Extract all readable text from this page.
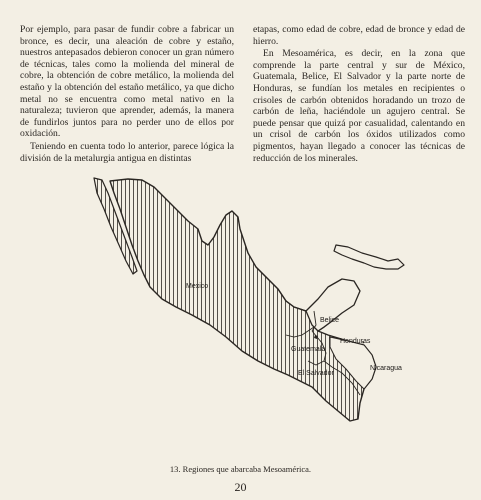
Por ejemplo, para pasar de fundir cobre a fabricar un bronce, es decir, una aleación de cobre y estaño, nuestros antepasados debieron conocer un gran número de técnicas, tales como la molienda del mineral de cobre, la obtención de cobre metálico, la molienda del estaño y la obtención del estaño metálico, ya que dicho metal no se encuentra como metal nativo en la naturaleza; tuvieron que aprender, además, la manera de fundirlos juntos para no perder uno de ellos por oxidación.

Teniendo en cuenta todo lo anterior, parece lógica la división de la metalurgia antigua en distintas

etapas, como edad de cobre, edad de bronce y edad de hierro.

En Mesoamérica, es decir, en la zona que comprende la parte central y sur de México, Guatemala, Belice, El Salvador y la parte norte de Honduras, se fundían los metales en recipientes o crisoles de carbón obtenidos horadando un trozo de carbón de leña, haciéndole un agujero central. Se puede pensar que quizá por casualidad, calentando en un crisol de carbón los óxidos utilizados como pigmentos, hayan llegado a conocer las técnicas de reducción de los minerales.

Mexico
Belice
Guatemala
Honduras
El Salvador
Nicaragua
13. Regiones que abarcaba Mesoamérica.
20
